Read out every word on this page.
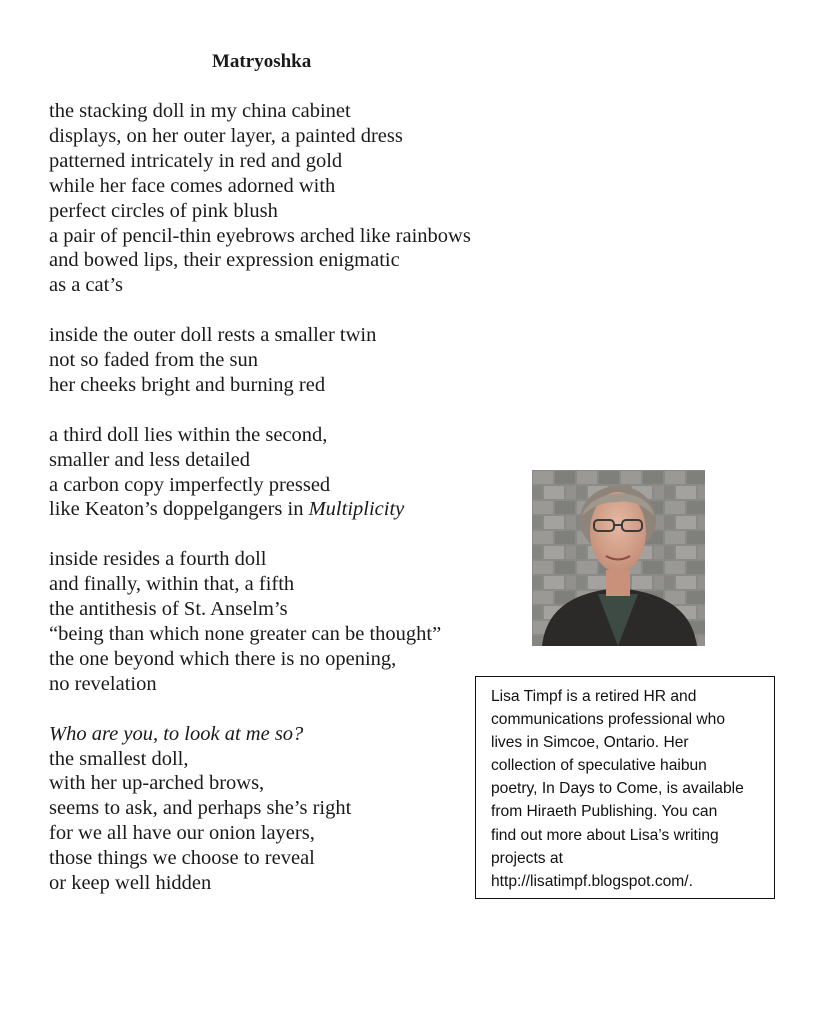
Matryoshka
the stacking doll in my china cabinet
displays, on her outer layer, a painted dress
patterned intricately in red and gold
while her face comes adorned with
perfect circles of pink blush
a pair of pencil-thin eyebrows arched like rainbows
and bowed lips, their expression enigmatic
as a cat’s
inside the outer doll rests a smaller twin
not so faded from the sun
her cheeks bright and burning red
a third doll lies within the second,
smaller and less detailed
a carbon copy imperfectly pressed
like Keaton’s doppelgangers in Multiplicity
inside resides a fourth doll
and finally, within that, a fifth
the antithesis of St. Anselm’s
“being than which none greater can be thought”
the one beyond which there is no opening,
no revelation
Who are you, to look at me so?
the smallest doll,
with her up-arched brows,
seems to ask, and perhaps she’s right
for we all have our onion layers,
those things we choose to reveal
or keep well hidden

Lisa Timpf is a retired HR and

communications professional who

lives in Simcoe, Ontario. Her

collection of speculative haibun

poetry, In Days to Come, is available

from Hiraeth Publishing. You can

find out more about Lisa’s writing

projects at

http://lisatimpf.blogspot.com/.
